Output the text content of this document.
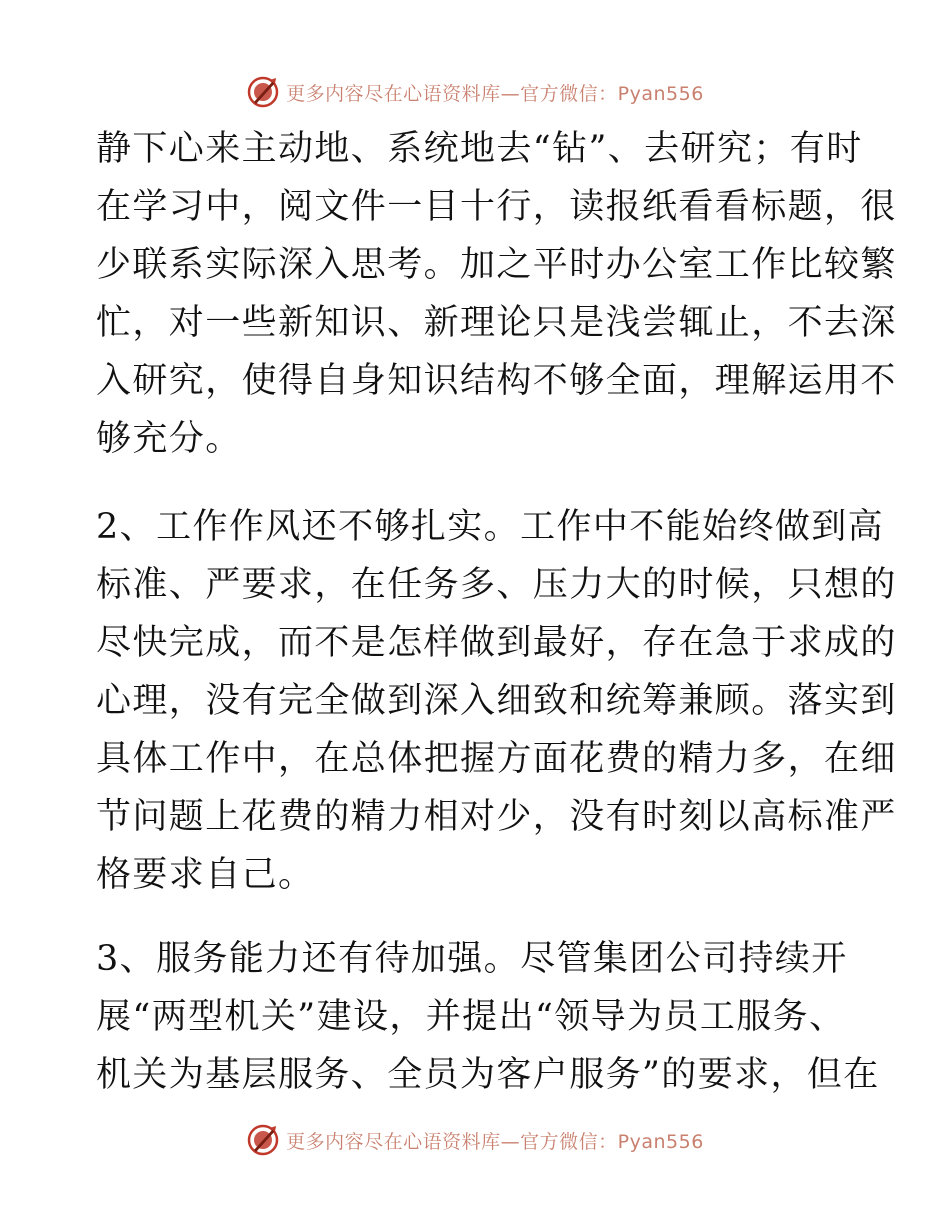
更多内容尽在心语资料库—官方微信：Pyan556
静下心来主动地、系统地去“钻”、去研究；有时
在学习中，阅文件一目十行，读报纸看看标题，很
少联系实际深入思考。加之平时办公室工作比较繁
忙，对一些新知识、新理论只是浅尝辄止，不去深
入研究，使得自身知识结构不够全面，理解运用不
够充分。
2、工作作风还不够扎实。工作中不能始终做到高
标准、严要求，在任务多、压力大的时候，只想的
尽快完成，而不是怎样做到最好，存在急于求成的
心理，没有完全做到深入细致和统筹兼顾。落实到
具体工作中，在总体把握方面花费的精力多，在细
节问题上花费的精力相对少，没有时刻以高标准严
格要求自己。
3、服务能力还有待加强。尽管集团公司持续开
展“两型机关”建设，并提出“领导为员工服务、
机关为基层服务、全员为客户服务”的要求，但在
更多内容尽在心语资料库—官方微信：Pyan556
